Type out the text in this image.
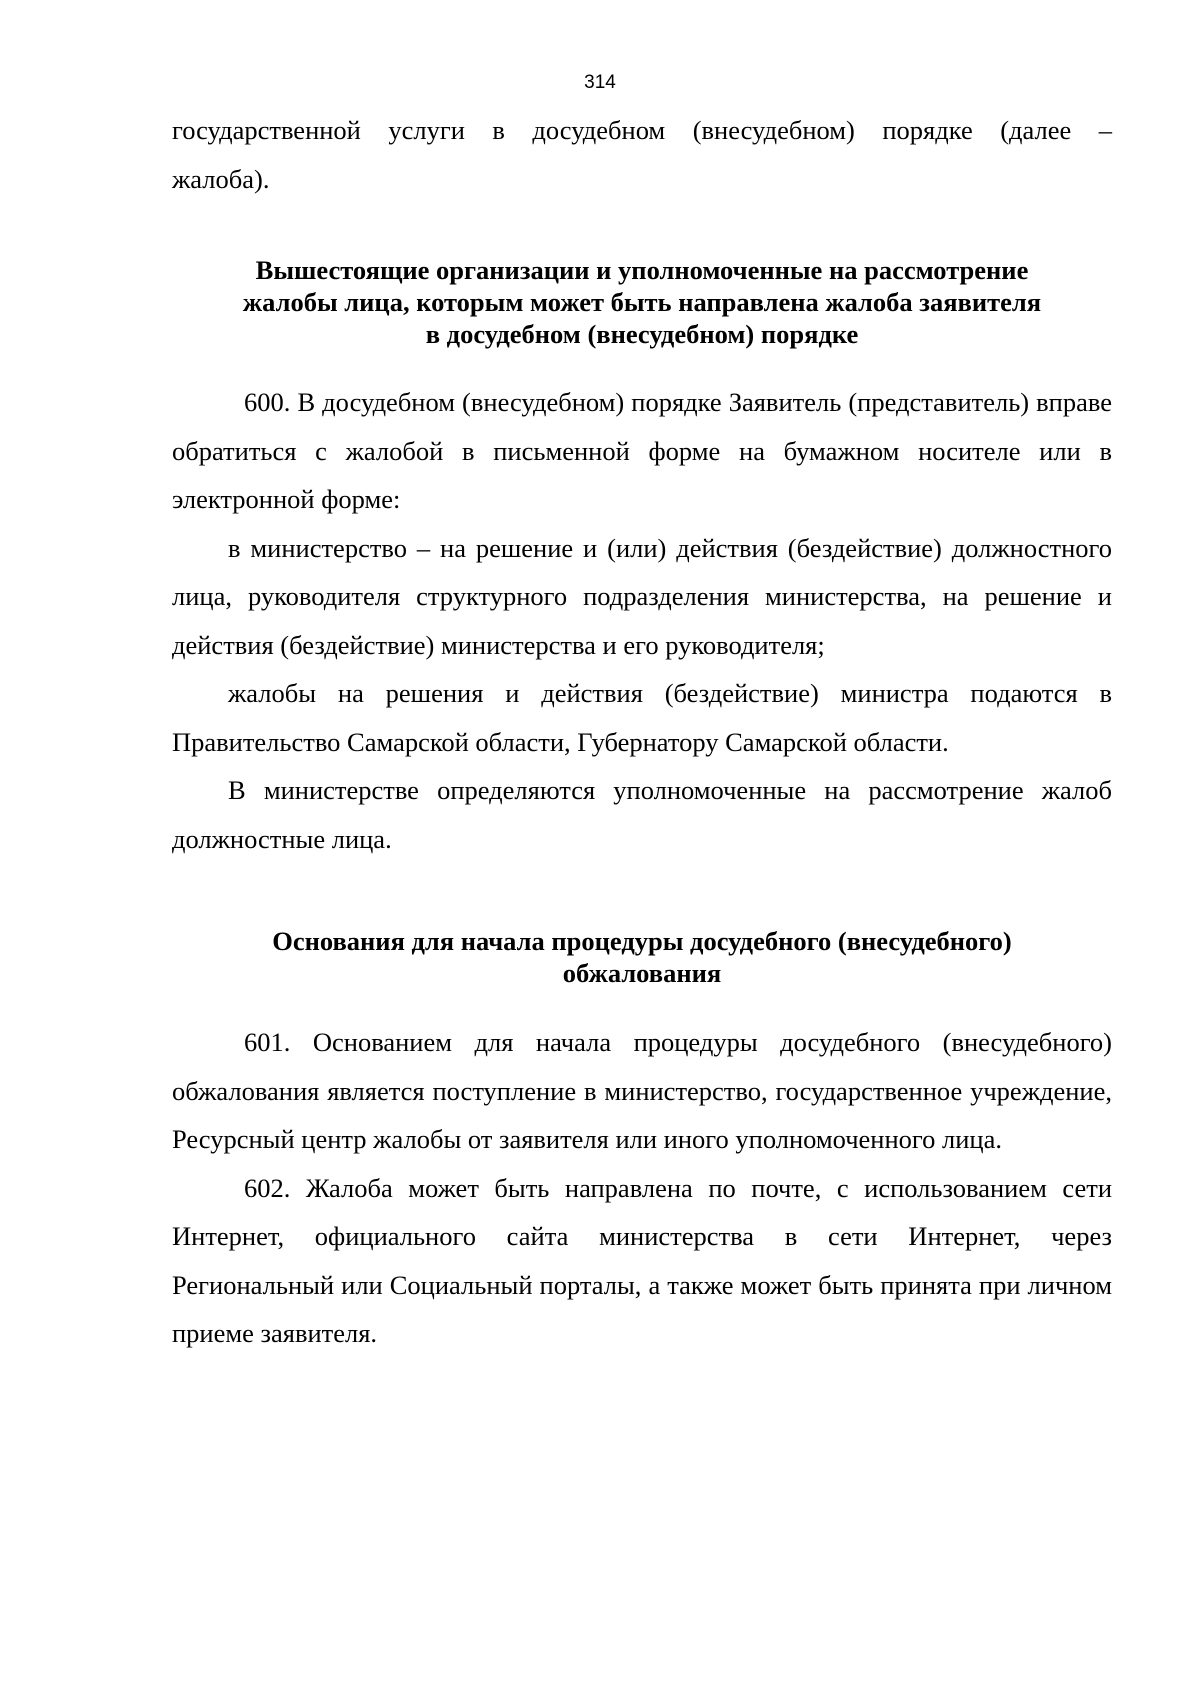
314

государственной услуги в досудебном (внесудебном) порядке (далее –

жалоба).

Вышестоящие организации и уполномоченные на рассмотрение
жалобы лица, которым может быть направлена жалоба заявителя
в досудебном (внесудебном) порядке

600. В досудебном (внесудебном) порядке Заявитель (представитель) вправе обратиться с жалобой в письменной форме на бумажном носителе или в электронной форме:

в министерство – на решение и (или) действия (бездействие) должностного лица, руководителя структурного подразделения министерства, на решение и действия (бездействие) министерства и его руководителя;

жалобы на решения и действия (бездействие) министра подаются в Правительство Самарской области, Губернатору Самарской области.

В министерстве определяются уполномоченные на рассмотрение жалоб должностные лица.

Основания для начала процедуры досудебного (внесудебного)
обжалования

601. Основанием для начала процедуры досудебного (внесудебного) обжалования является поступление в министерство, государственное учреждение, Ресурсный центр жалобы от заявителя или иного уполномоченного лица.

602. Жалоба может быть направлена по почте, с использованием сети Интернет, официального сайта министерства в сети Интернет, через Региональный или Социальный порталы, а также может быть принята при личном приеме заявителя.
